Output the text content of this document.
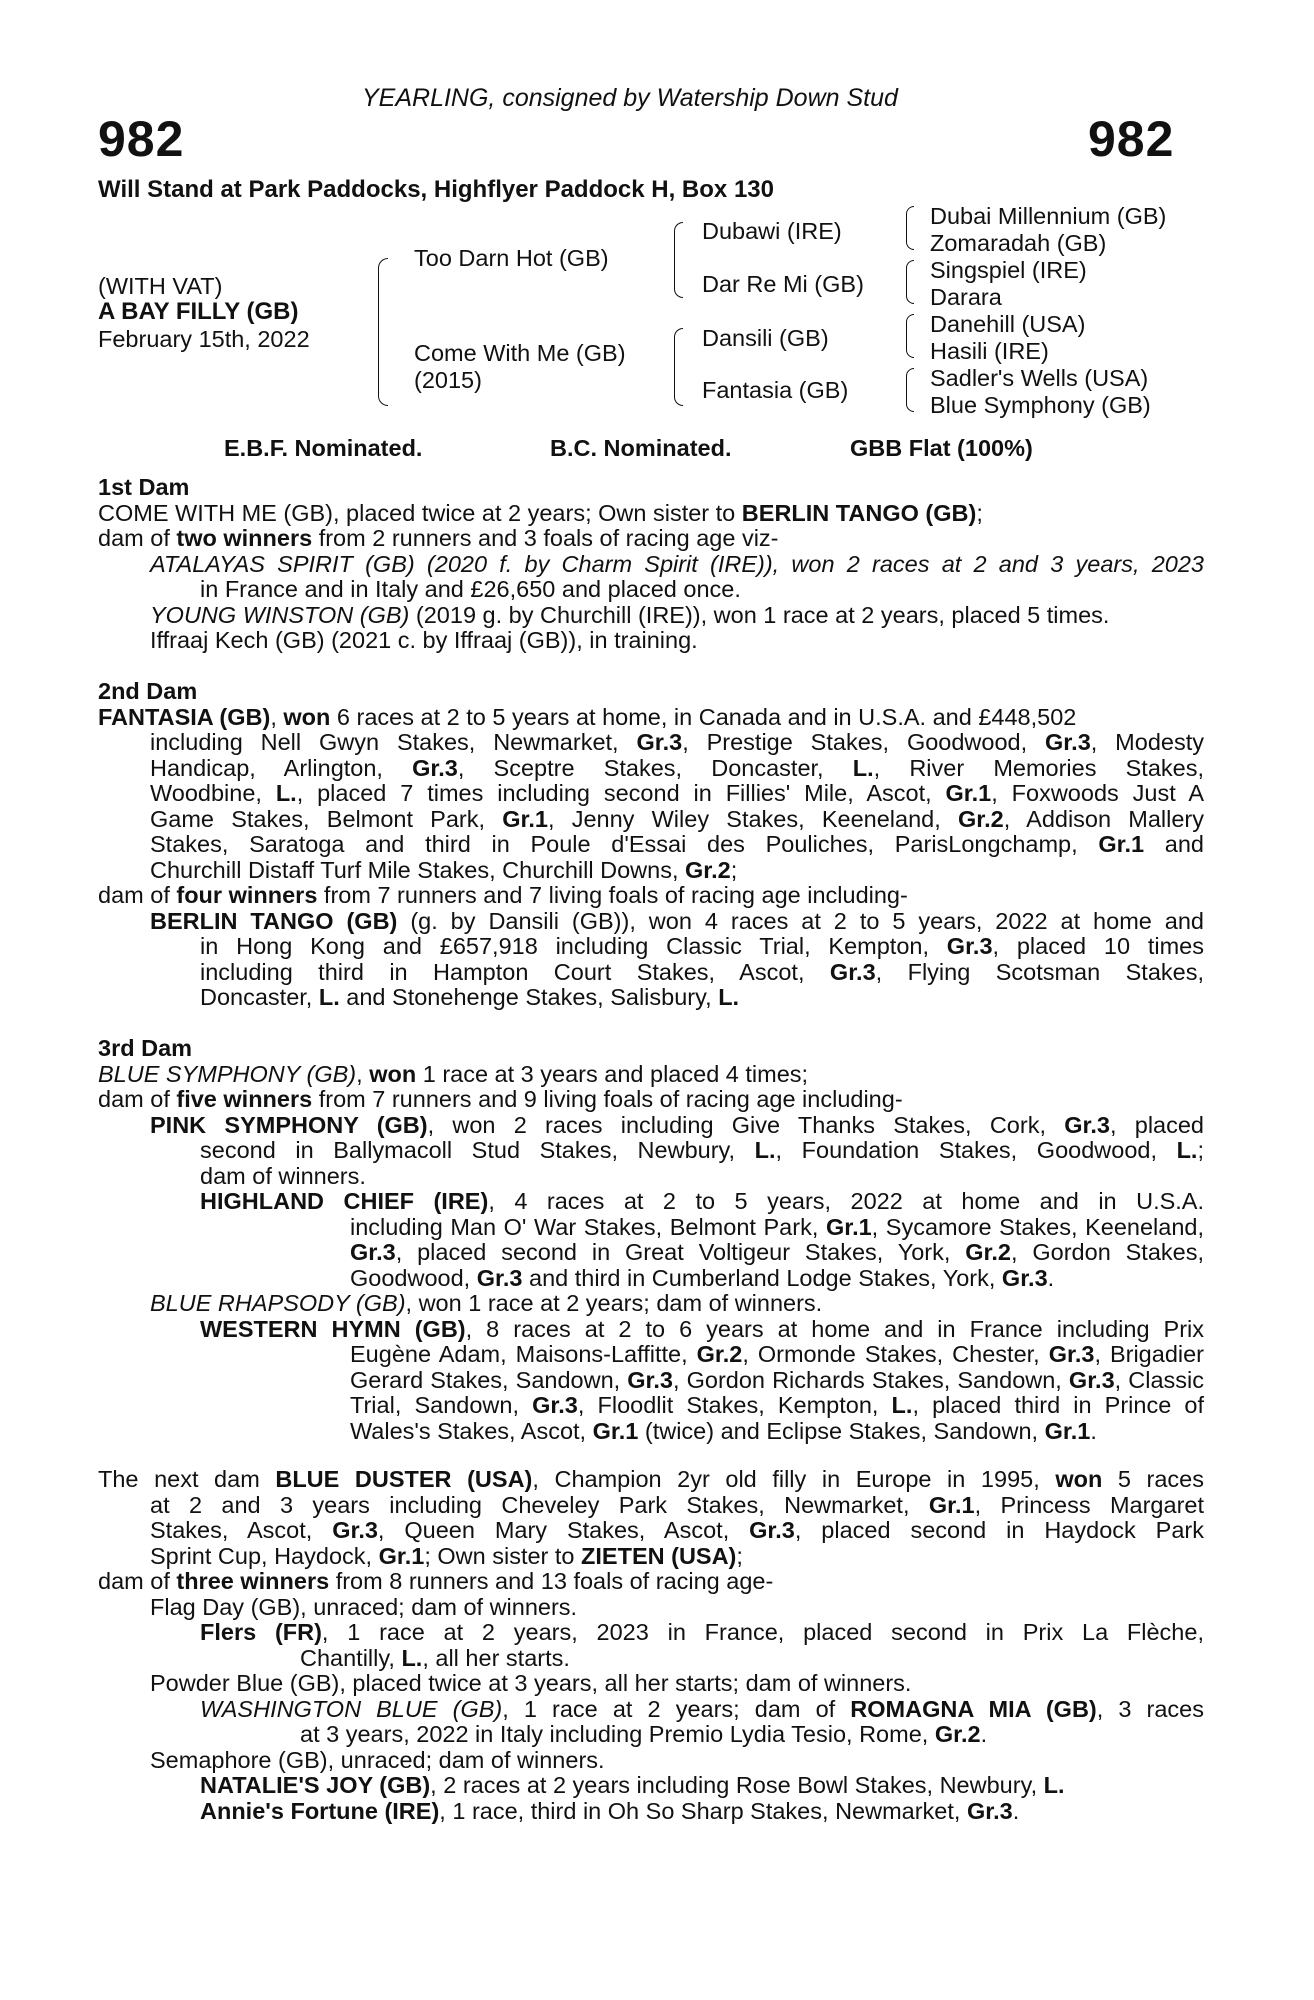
YEARLING, consigned by Watership Down Stud
982	982
Will Stand at Park Paddocks, Highflyer Paddock H, Box 130
(WITH VAT)
A BAY FILLY (GB)
February 15th, 2022
Too Darn Hot (GB)
Come With Me (GB)
(2015)
Dubawi (IRE)
Dar Re Mi (GB)
Dansili (GB)
Fantasia (GB)
Dubai Millennium (GB)
Zomaradah (GB)
Singspiel (IRE)
Darara
Danehill (USA)
Hasili (IRE)
Sadler's Wells (USA)
Blue Symphony (GB)
E.B.F. Nominated.	B.C. Nominated.	GBB Flat (100%)
1st Dam
COME WITH ME (GB), placed twice at 2 years; Own sister to BERLIN TANGO (GB);
dam of two winners from 2 runners and 3 foals of racing age viz-
ATALAYAS SPIRIT (GB) (2020 f. by Charm Spirit (IRE)), won 2 races at 2 and 3 years, 2023
in France and in Italy and £26,650 and placed once.
YOUNG WINSTON (GB) (2019 g. by Churchill (IRE)), won 1 race at 2 years, placed 5 times.
Iffraaj Kech (GB) (2021 c. by Iffraaj (GB)), in training.
2nd Dam
FANTASIA (GB), won 6 races at 2 to 5 years at home, in Canada and in U.S.A. and £448,502
including Nell Gwyn Stakes, Newmarket, Gr.3, Prestige Stakes, Goodwood, Gr.3, Modesty
Handicap, Arlington, Gr.3, Sceptre Stakes, Doncaster, L., River Memories Stakes,
Woodbine, L., placed 7 times including second in Fillies' Mile, Ascot, Gr.1, Foxwoods Just A
Game Stakes, Belmont Park, Gr.1, Jenny Wiley Stakes, Keeneland, Gr.2, Addison Mallery
Stakes, Saratoga and third in Poule d'Essai des Pouliches, ParisLongchamp, Gr.1 and
Churchill Distaff Turf Mile Stakes, Churchill Downs, Gr.2;
dam of four winners from 7 runners and 7 living foals of racing age including-
BERLIN TANGO (GB) (g. by Dansili (GB)), won 4 races at 2 to 5 years, 2022 at home and
in Hong Kong and £657,918 including Classic Trial, Kempton, Gr.3, placed 10 times
including third in Hampton Court Stakes, Ascot, Gr.3, Flying Scotsman Stakes,
Doncaster, L. and Stonehenge Stakes, Salisbury, L.
3rd Dam
BLUE SYMPHONY (GB), won 1 race at 3 years and placed 4 times;
dam of five winners from 7 runners and 9 living foals of racing age including-
PINK SYMPHONY (GB), won 2 races including Give Thanks Stakes, Cork, Gr.3, placed
second in Ballymacoll Stud Stakes, Newbury, L., Foundation Stakes, Goodwood, L.;
dam of winners.
HIGHLAND CHIEF (IRE), 4 races at 2 to 5 years, 2022 at home and in U.S.A.
including Man O' War Stakes, Belmont Park, Gr.1, Sycamore Stakes, Keeneland,
Gr.3, placed second in Great Voltigeur Stakes, York, Gr.2, Gordon Stakes,
Goodwood, Gr.3 and third in Cumberland Lodge Stakes, York, Gr.3.
BLUE RHAPSODY (GB), won 1 race at 2 years; dam of winners.
WESTERN HYMN (GB), 8 races at 2 to 6 years at home and in France including Prix
Eugène Adam, Maisons-Laffitte, Gr.2, Ormonde Stakes, Chester, Gr.3, Brigadier
Gerard Stakes, Sandown, Gr.3, Gordon Richards Stakes, Sandown, Gr.3, Classic
Trial, Sandown, Gr.3, Floodlit Stakes, Kempton, L., placed third in Prince of
Wales's Stakes, Ascot, Gr.1 (twice) and Eclipse Stakes, Sandown, Gr.1.
The next dam BLUE DUSTER (USA), Champion 2yr old filly in Europe in 1995, won 5 races
at 2 and 3 years including Cheveley Park Stakes, Newmarket, Gr.1, Princess Margaret
Stakes, Ascot, Gr.3, Queen Mary Stakes, Ascot, Gr.3, placed second in Haydock Park
Sprint Cup, Haydock, Gr.1; Own sister to ZIETEN (USA);
dam of three winners from 8 runners and 13 foals of racing age-
Flag Day (GB), unraced; dam of winners.
Flers (FR), 1 race at 2 years, 2023 in France, placed second in Prix La Flèche,
Chantilly, L., all her starts.
Powder Blue (GB), placed twice at 3 years, all her starts; dam of winners.
WASHINGTON BLUE (GB), 1 race at 2 years; dam of ROMAGNA MIA (GB), 3 races
at 3 years, 2022 in Italy including Premio Lydia Tesio, Rome, Gr.2.
Semaphore (GB), unraced; dam of winners.
NATALIE'S JOY (GB), 2 races at 2 years including Rose Bowl Stakes, Newbury, L.
Annie's Fortune (IRE), 1 race, third in Oh So Sharp Stakes, Newmarket, Gr.3.
